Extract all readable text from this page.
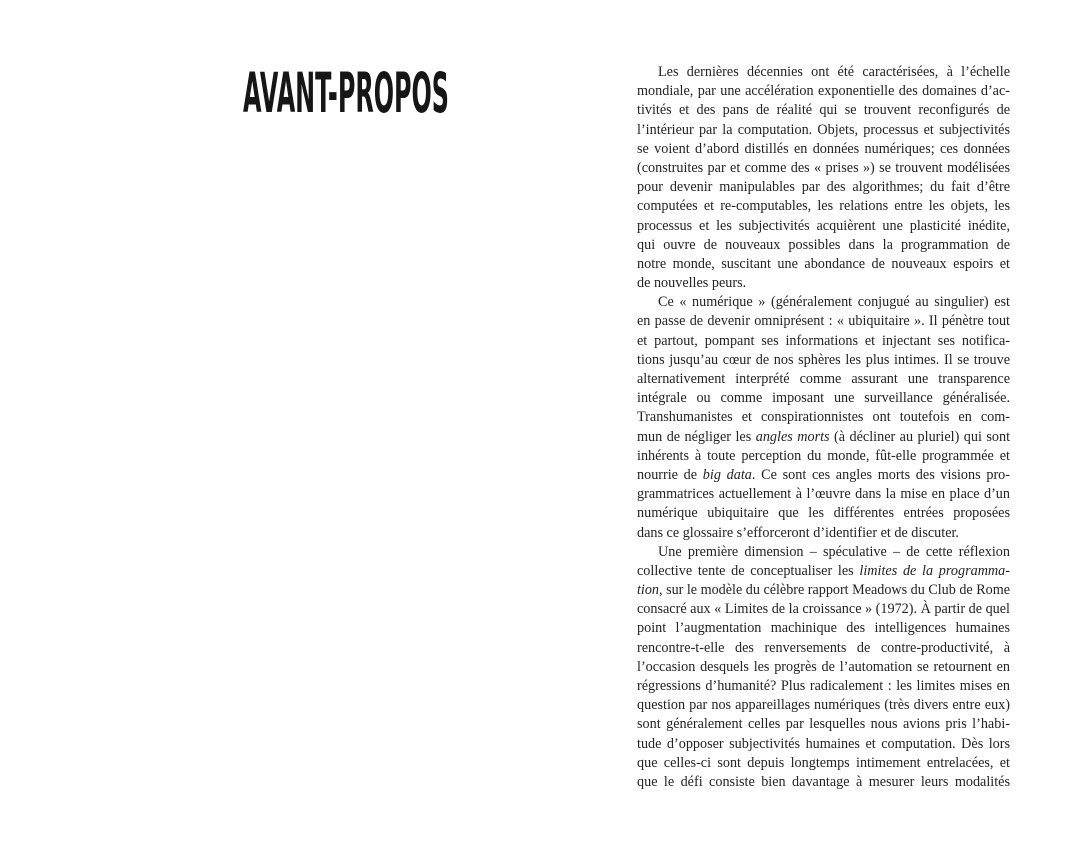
AVANT-PROPOS	Les dernières décennies ont été caractérisées, à l’échelle
mondiale, par une accélération exponentielle des domaines d’ac-
tivités et des pans de réalité qui se trouvent reconfigurés de
l’intérieur par la computation. Objets, processus et subjectivités
se voient d’abord distillés en données numériques; ces données
(construites par et comme des « prises ») se trouvent modélisées
pour devenir manipulables par des algorithmes; du fait d’être
computées et re-computables, les relations entre les objets, les
processus et les subjectivités acquièrent une plasticité inédite,
qui ouvre de nouveaux possibles dans la programmation de
notre monde, suscitant une abondance de nouveaux espoirs et
de nouvelles peurs.
Ce « numérique » (généralement conjugué au singulier) est
en passe de devenir omniprésent : « ubiquitaire ». Il pénètre tout
et partout, pompant ses informations et injectant ses notifica-
tions jusqu’au cœur de nos sphères les plus intimes. Il se trouve
alternativement interprété comme assurant une transparence
intégrale ou comme imposant une surveillance généralisée.
Transhumanistes et conspirationnistes ont toutefois en com-
mun de négliger les angles morts (à décliner au pluriel) qui sont
inhérents à toute perception du monde, fût-elle programmée et
nourrie de big data. Ce sont ces angles morts des visions pro-
grammatrices actuellement à l’œuvre dans la mise en place d’un
numérique ubiquitaire que les différentes entrées proposées
dans ce glossaire s’efforceront d’identifier et de discuter.
Une première dimension – spéculative – de cette réflexion
collective tente de conceptualiser les limites de la programma-
tion, sur le modèle du célèbre rapport Meadows du Club de Rome
consacré aux « Limites de la croissance » (1972). À partir de quel
point l’augmentation machinique des intelligences humaines
rencontre-t-elle des renversements de contre-productivité, à
l’occasion desquels les progrès de l’automation se retournent en
régressions d’humanité? Plus radicalement : les limites mises en
question par nos appareillages numériques (très divers entre eux)
sont généralement celles par lesquelles nous avions pris l’habi-
tude d’opposer subjectivités humaines et computation. Dès lors
que celles-ci sont depuis longtemps intimement entrelacées, et
que le défi consiste bien davantage à mesurer leurs modalités
